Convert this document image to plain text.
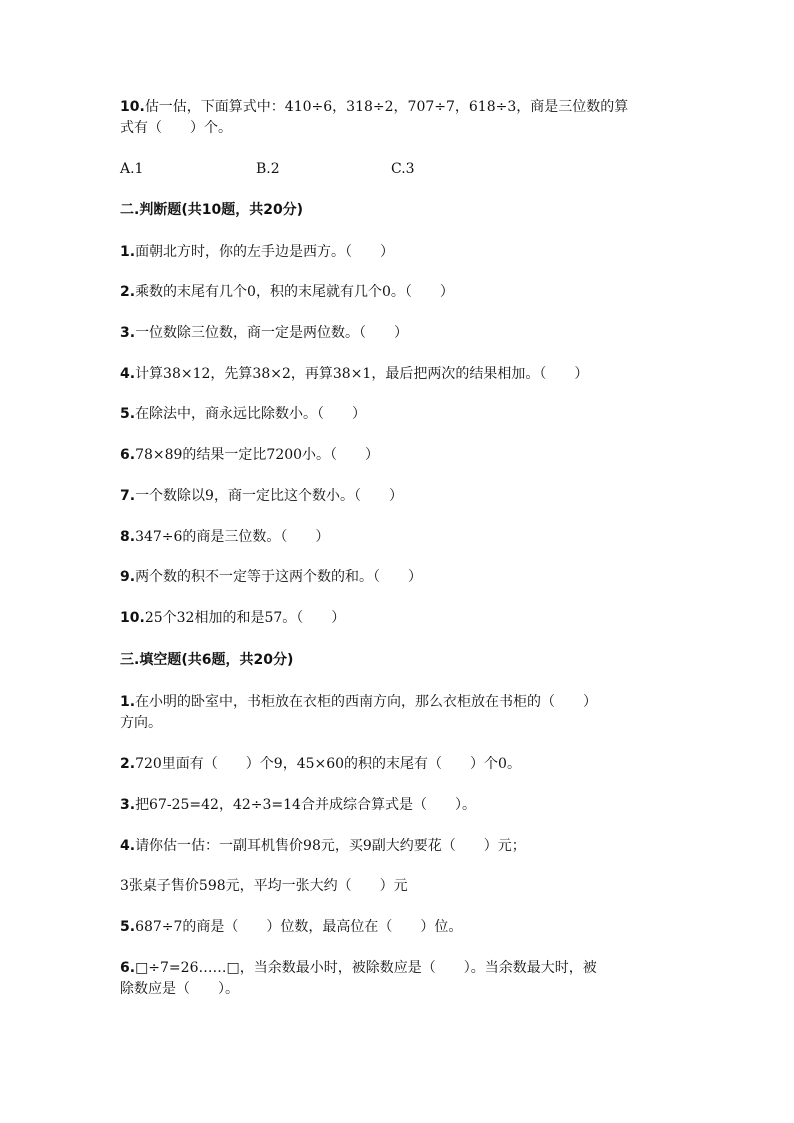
10.估一估，下面算式中：410÷6，318÷2，707÷7，618÷3，商是三位数的算
式有（　　）个。
A.1	B.2	C.3
二.判断题(共10题，共20分)
1.面朝北方时，你的左手边是西方。（　　）
2.乘数的末尾有几个0，积的末尾就有几个0。（　　）
3.一位数除三位数，商一定是两位数。（　　）
4.计算38×12，先算38×2，再算38×1，最后把两次的结果相加。（　　）
5.在除法中，商永远比除数小。（　　）
6.78×89的结果一定比7200小。（　　）
7.一个数除以9，商一定比这个数小。（　　）
8.347÷6的商是三位数。（　　）
9.两个数的积不一定等于这两个数的和。（　　）
10.25个32相加的和是57。（　　）
三.填空题(共6题，共20分)
1.在小明的卧室中，书柜放在衣柜的西南方向，那么衣柜放在书柜的（　　）
方向。
2.720里面有（　　）个9，45×60的积的末尾有（　　）个0。
3.把67-25=42，42÷3=14合并成综合算式是（　　）。
4.请你估一估：一副耳机售价98元，买9副大约要花（　　）元；
3张桌子售价598元，平均一张大约（　　）元
5.687÷7的商是（　　）位数，最高位在（　　）位。
6.□÷7=26……□，当余数最小时，被除数应是（　　）。当余数最大时，被
除数应是（　　）。
